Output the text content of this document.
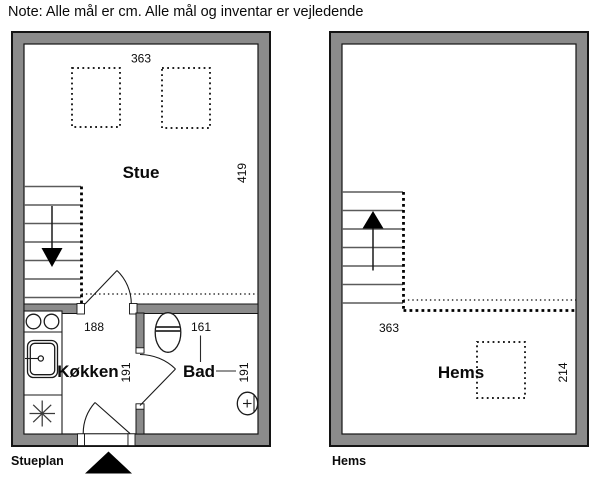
Note: Alle mål er cm. Alle mål og inventar er vejledende
363
Stue	419
188
Køkken 191
161
Bad 191
Stueplan
363
Hems	214
Hems
